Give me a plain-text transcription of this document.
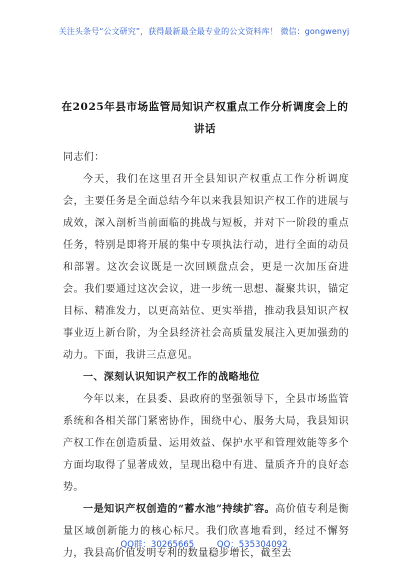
关注头条号“公文研究”，获得最新最全最专业的公文资料库！ 微信：gongwenyj
在2025年县市场监管局知识产权重点工作分析调度会上的讲话

同志们：

今天，我们在这里召开全县知识产权重点工作分析调度会，主要任务是全面总结今年以来我县知识产权工作的进展与成效，深入剖析当前面临的挑战与短板，并对下一阶段的重点任务，特别是即将开展的集中专项执法行动，进行全面的动员和部署。这次会议既是一次回顾盘点会，更是一次加压奋进会。我们要通过这次会议，进一步统一思想、凝聚共识，锚定目标、精准发力，以更高站位、更实举措，推动我县知识产权事业迈上新台阶，为全县经济社会高质量发展注入更加强劲的动力。下面，我讲三点意见。

一、深刻认识知识产权工作的战略地位

今年以来，在县委、县政府的坚强领导下，全县市场监管系统和各相关部门紧密协作，围绕中心、服务大局，我县知识产权工作在创造质量、运用效益、保护水平和管理效能等多个方面均取得了显著成效，呈现出稳中有进、量质齐升的良好态势。

一是知识产权创造的“蓄水池”持续扩容。高价值专利是衡量区域创新能力的核心标尺。我们欣喜地看到，经过不懈努力，我县高价值发明专利的数量稳步增长，截至去

QQ群：30265665	QQ：535304092
